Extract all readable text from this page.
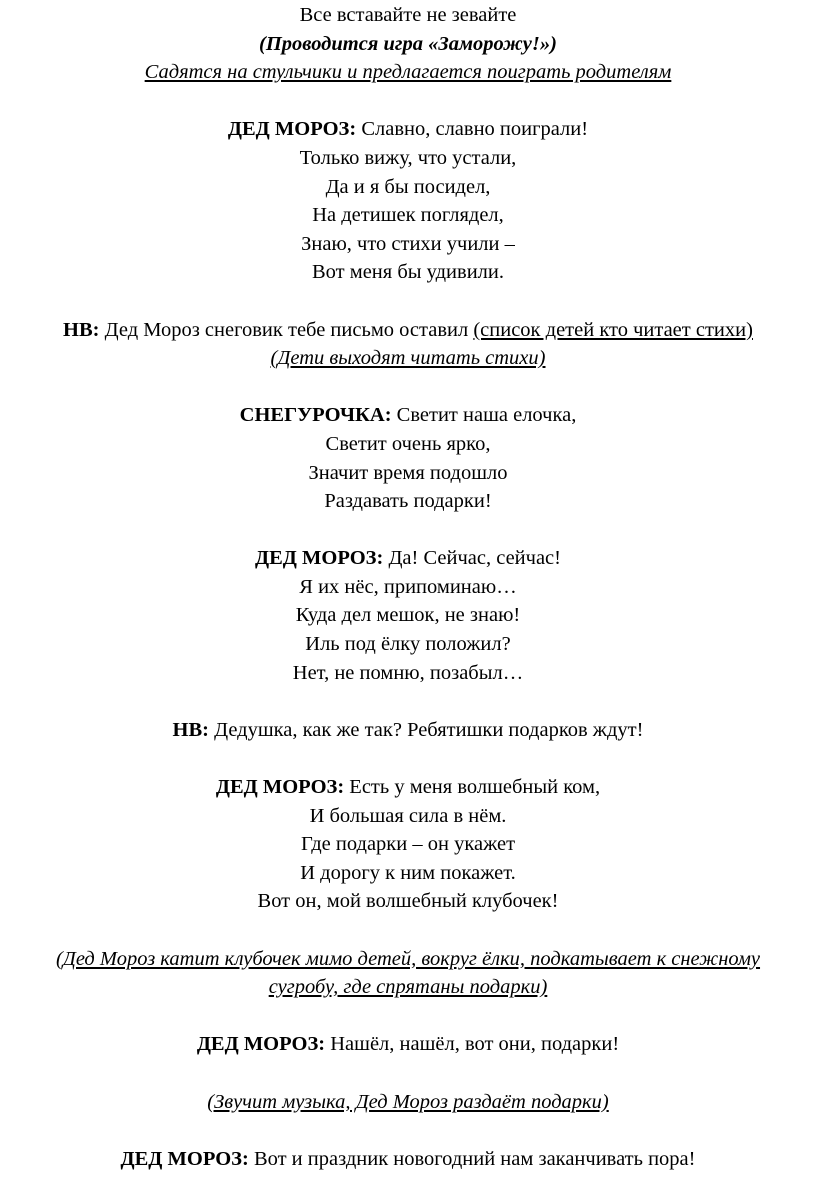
Все вставайте не зевайте

(Проводится игра «Заморожу!»)

Садятся на стульчики и предлагается поиграть родителям

ДЕД МОРОЗ: Славно, славно поиграли!

Только вижу, что устали,

Да и я бы посидел,

На детишек поглядел,

Знаю, что стихи учили –

Вот меня бы удивили.

НВ: Дед Мороз снеговик тебе письмо оставил (список детей кто читает стихи)

(Дети выходят читать стихи)

СНЕГУРОЧКА: Светит наша елочка,

Светит очень ярко,

Значит время подошло

Раздавать подарки!

ДЕД МОРОЗ: Да! Сейчас, сейчас!

Я их нёс, припоминаю…

Куда дел мешок, не знаю!

Иль под ёлку положил?

Нет, не помню, позабыл…

НВ: Дедушка, как же так? Ребятишки подарков ждут!

ДЕД МОРОЗ: Есть у меня волшебный ком,

И большая сила в нём.

Где подарки – он укажет

И дорогу к ним покажет.

Вот он, мой волшебный клубочек!

(Дед Мороз катит клубочек мимо детей, вокруг ёлки, подкатывает к снежному

сугробу, где спрятаны подарки)

ДЕД МОРОЗ: Нашёл, нашёл, вот они, подарки!

(Звучит музыка, Дед Мороз раздаёт подарки)

ДЕД МОРОЗ: Вот и праздник новогодний нам заканчивать пора!
